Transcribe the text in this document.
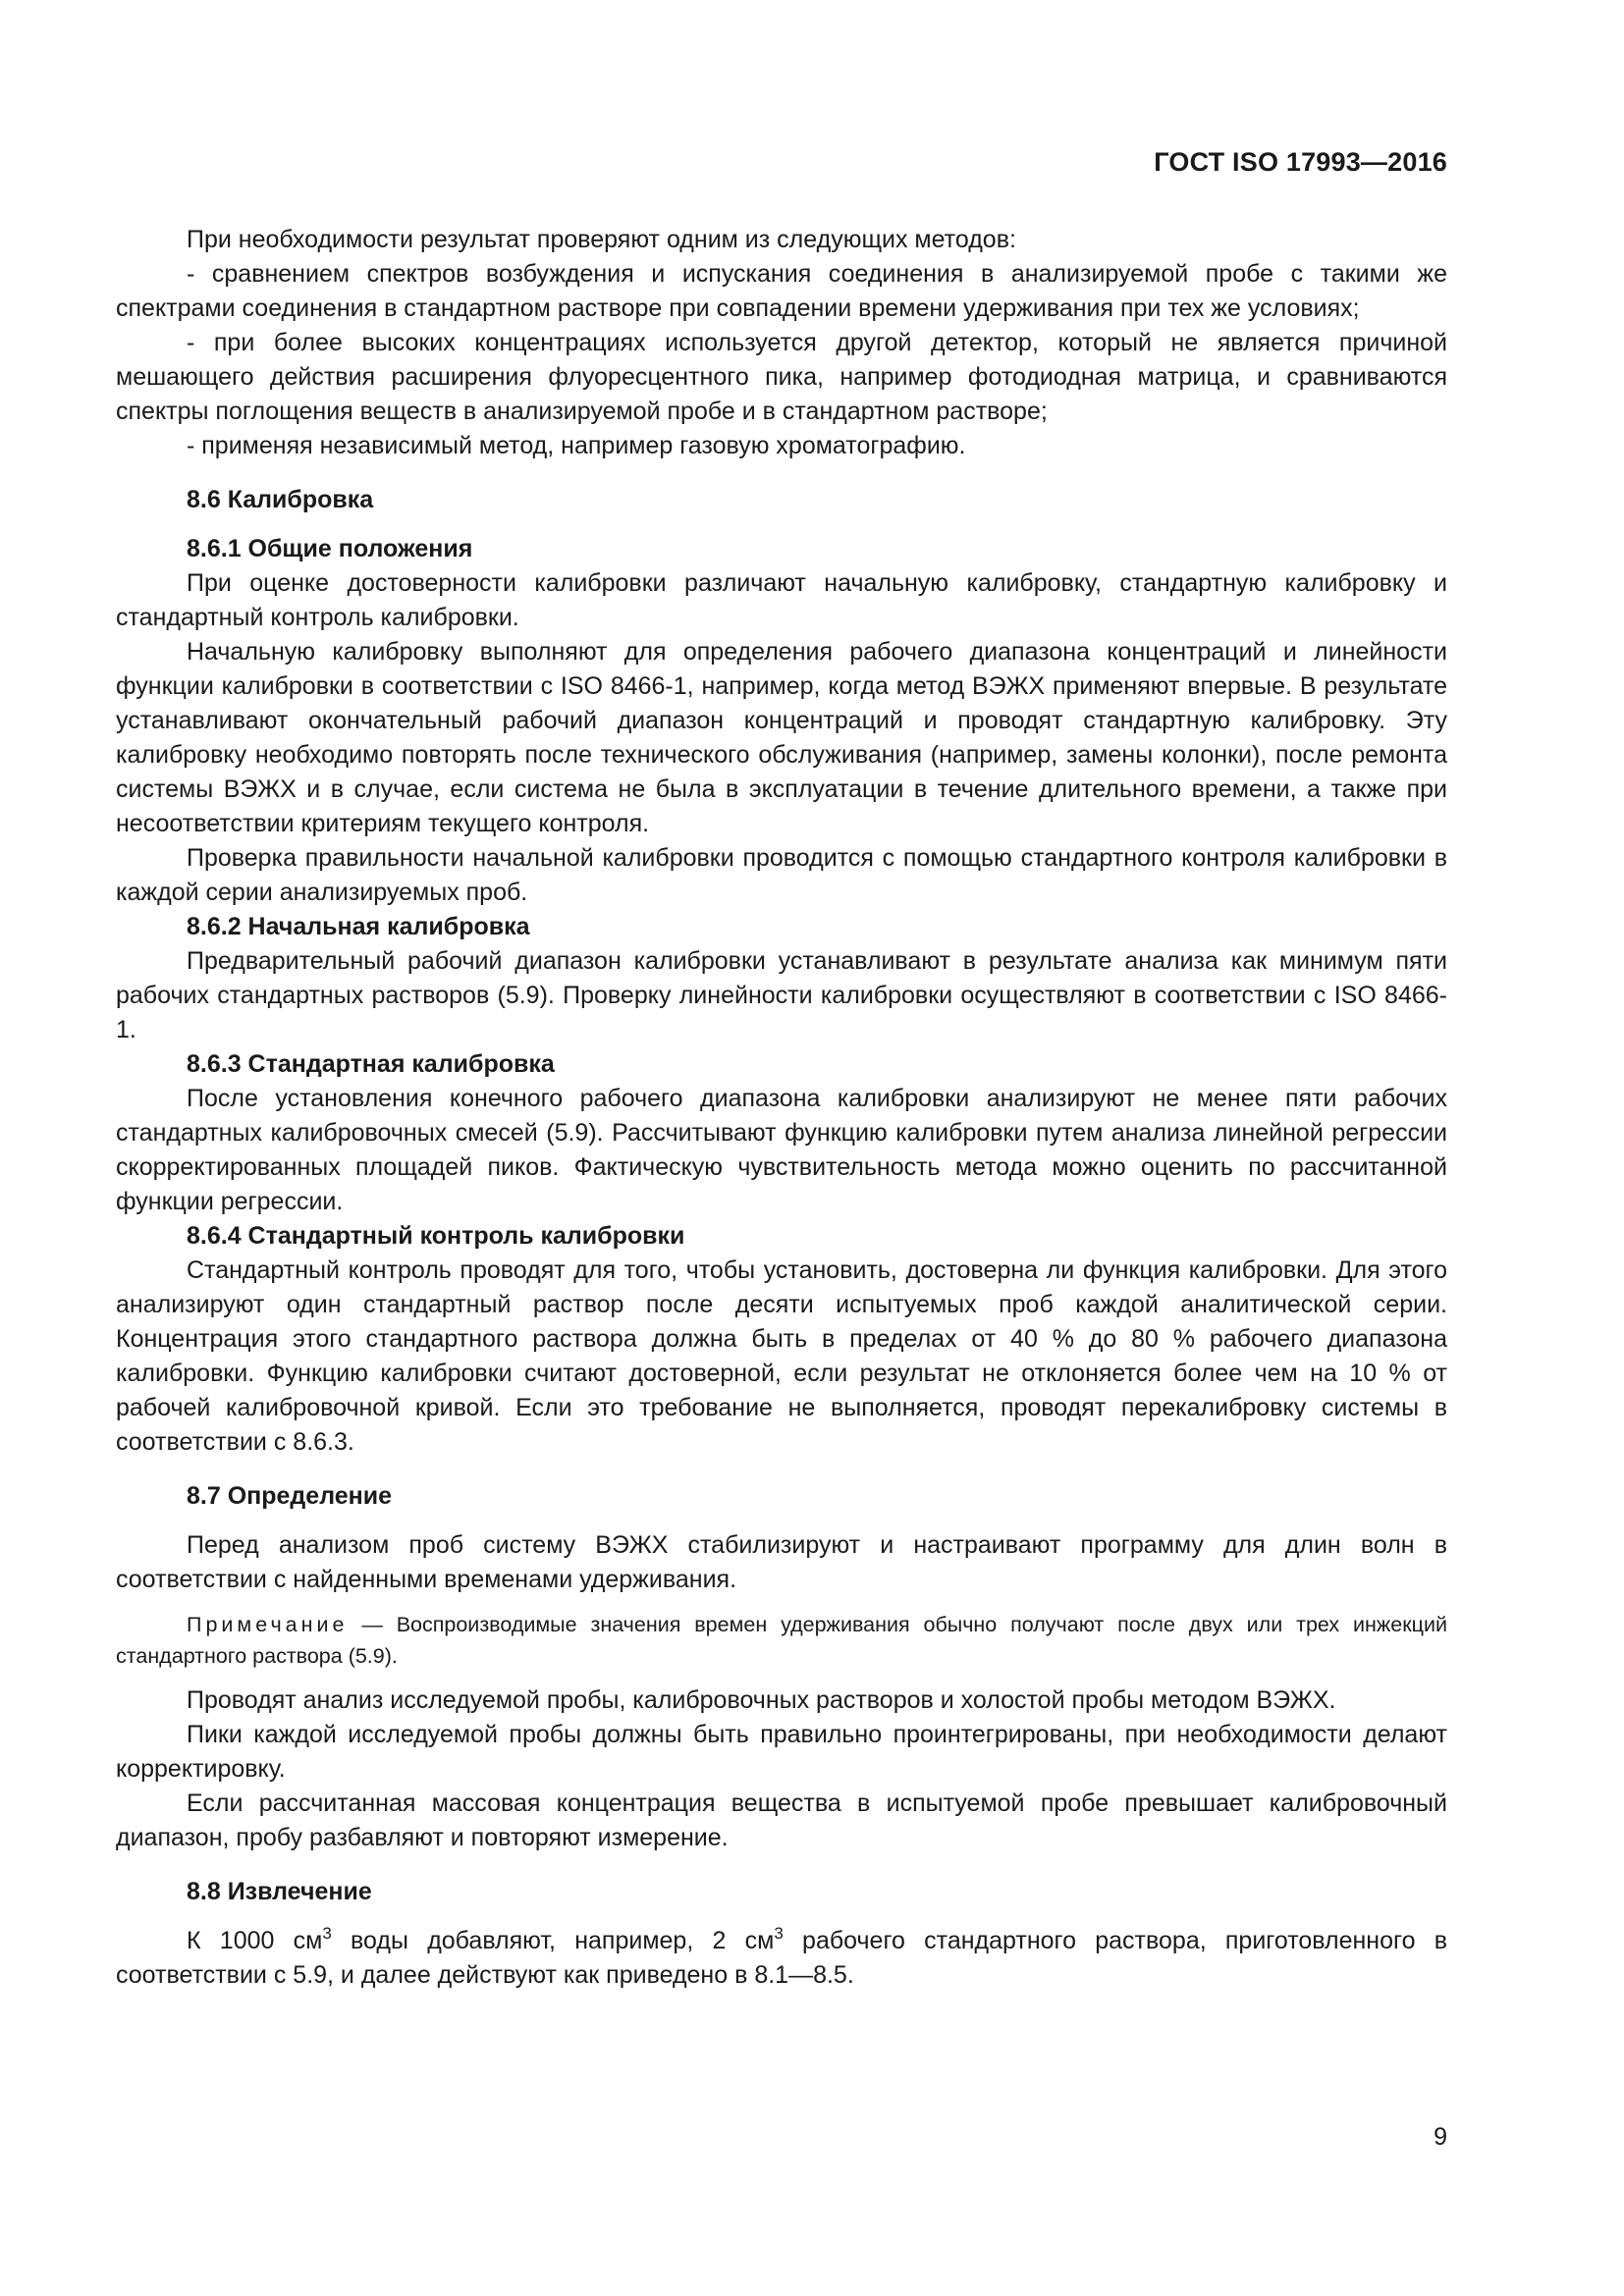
ГОСТ ISO 17993—2016

При необходимости результат проверяют одним из следующих методов:

- сравнением спектров возбуждения и испускания соединения в анализируемой пробе с такими же спектрами соединения в стандартном растворе при совпадении времени удерживания при тех же условиях;

- при более высоких концентрациях используется другой детектор, который не является причиной мешающего действия расширения флуоресцентного пика, например фотодиодная матрица, и сравниваются спектры поглощения веществ в анализируемой пробе и в стандартном растворе;

- применяя независимый метод, например газовую хроматографию.

8.6 Калибровка
8.6.1 Общие положения

При оценке достоверности калибровки различают начальную калибровку, стандартную калибровку и стандартный контроль калибровки.

Начальную калибровку выполняют для определения рабочего диапазона концентраций и линейности функции калибровки в соответствии с ISO 8466-1, например, когда метод ВЭЖХ применяют впервые. В результате устанавливают окончательный рабочий диапазон концентраций и проводят стандартную калибровку. Эту калибровку необходимо повторять после технического обслуживания (например, замены колонки), после ремонта системы ВЭЖХ и в случае, если система не была в эксплуатации в течение длительного времени, а также при несоответствии критериям текущего контроля.

Проверка правильности начальной калибровки проводится с помощью стандартного контроля калибровки в каждой серии анализируемых проб.

8.6.2 Начальная калибровка

Предварительный рабочий диапазон калибровки устанавливают в результате анализа как минимум пяти рабочих стандартных растворов (5.9). Проверку линейности калибровки осуществляют в соответствии с ISO 8466-1.

8.6.3 Стандартная калибровка

После установления конечного рабочего диапазона калибровки анализируют не менее пяти рабочих стандартных калибровочных смесей (5.9). Рассчитывают функцию калибровки путем анализа линейной регрессии скорректированных площадей пиков. Фактическую чувствительность метода можно оценить по рассчитанной функции регрессии.

8.6.4 Стандартный контроль калибровки

Стандартный контроль проводят для того, чтобы установить, достоверна ли функция калибровки. Для этого анализируют один стандартный раствор после десяти испытуемых проб каждой аналитической серии. Концентрация этого стандартного раствора должна быть в пределах от 40 % до 80 % рабочего диапазона калибровки. Функцию калибровки считают достоверной, если результат не отклоняется более чем на 10 % от рабочей калибровочной кривой. Если это требование не выполняется, проводят перекалибровку системы в соответствии с 8.6.3.

8.7 Определение

Перед анализом проб систему ВЭЖХ стабилизируют и настраивают программу для длин волн в соответствии с найденными временами удерживания.

Примечание — Воспроизводимые значения времен удерживания обычно получают после двух или трех инжекций стандартного раствора (5.9).

Проводят анализ исследуемой пробы, калибровочных растворов и холостой пробы методом ВЭЖХ.

Пики каждой исследуемой пробы должны быть правильно проинтегрированы, при необходимости делают корректировку.

Если рассчитанная массовая концентрация вещества в испытуемой пробе превышает калибровочный диапазон, пробу разбавляют и повторяют измерение.

8.8 Извлечение

К 1000 $см^3$ воды добавляют, например, 2 $см^3$ рабочего стандартного раствора, приготовленного в соответствии с 5.9, и далее действуют как приведено в 8.1—8.5.

9
